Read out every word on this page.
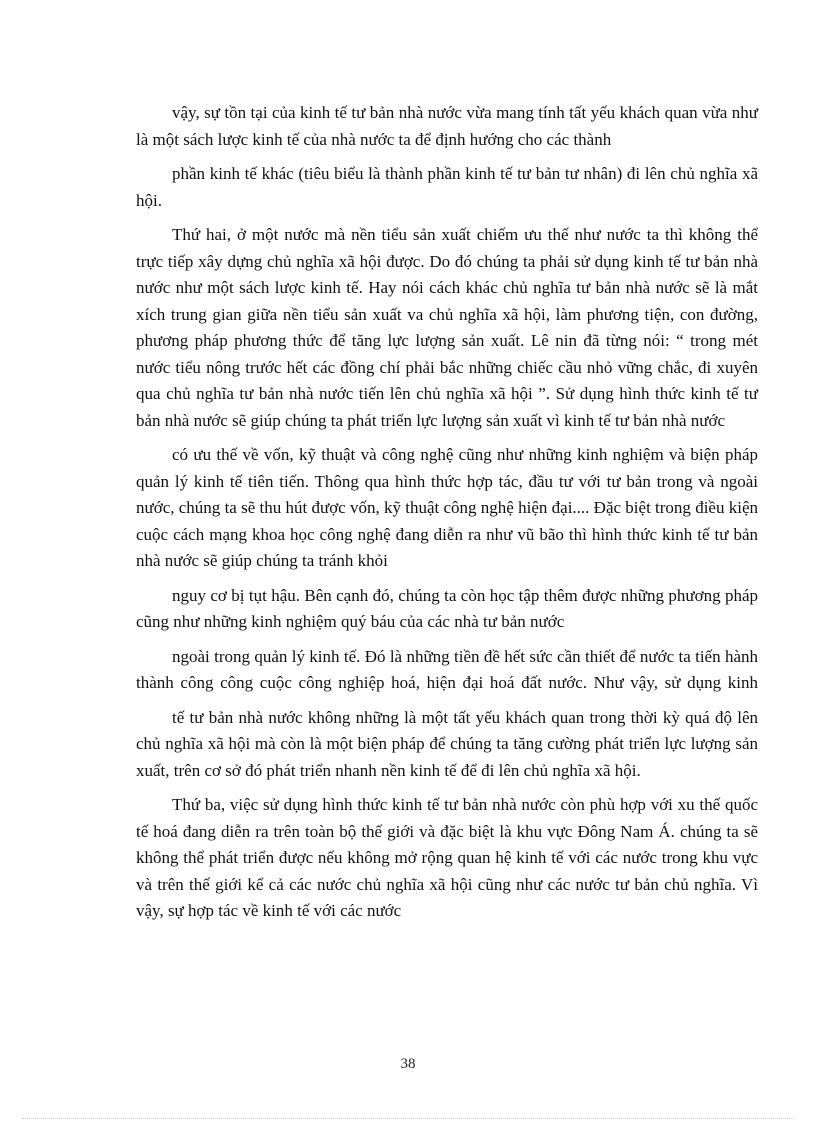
vậy, sự tồn tại của kinh tế tư bản nhà nước vừa mang tính tất yếu khách quan vừa như là một sách lược kinh tế của nhà nước ta để định hướng cho các thành

phần kinh tế khác (tiêu biểu là thành phần kinh tế tư bản tư nhân) đi lên chủ nghĩa xã hội.

Thứ hai, ở một nước mà nền tiểu sản xuất chiếm ưu thế như nước ta thì không thể trực tiếp xây dựng chủ nghĩa xã hội được. Do đó chúng ta phải sử dụng kinh tế tư bản nhà nước như một sách lược kinh tế. Hay nói cách khác chủ nghĩa tư bản nhà nước sẽ là mắt xích trung gian giữa nền tiểu sản xuất va chủ nghĩa xã hội, làm phương tiện, con đường, phương pháp phương thức để tăng lực lượng sản xuất. Lê nin đã từng nói: “ trong mét nước tiểu nông trước hết các đồng chí phải bắc những chiếc cầu nhỏ vững chắc, đi xuyên qua chủ nghĩa tư bản nhà nước tiến lên chủ nghĩa xã hội ”. Sử dụng hình thức kinh tế tư bản nhà nước sẽ giúp chúng ta phát triển lực lượng sản xuất vì kinh tế tư bản nhà nước

có ưu thế về vốn, kỹ thuật và công nghệ cũng như những kinh nghiệm và biện pháp quản lý kinh tế tiên tiến. Thông qua hình thức hợp tác, đầu tư với tư bản trong và ngoài nước, chúng ta sẽ thu hút được vốn, kỹ thuật công nghệ hiện đại.... Đặc biệt trong điều kiện cuộc cách mạng khoa học công nghệ đang diễn ra như vũ bão thì hình thức kinh tế tư bản nhà nước sẽ giúp chúng ta tránh khỏi

nguy cơ bị tụt hậu. Bên cạnh đó, chúng ta còn học tập thêm được những phương pháp cũng như những kinh nghiệm quý báu của các nhà tư bản nước

ngoài trong quản lý kinh tế. Đó là những tiền đề hết sức cần thiết để nước ta tiến hành thành công công cuộc công nghiệp hoá, hiện đại hoá đất nước. Như vậy, sử dụng kinh

tế tư bản nhà nước không những là một tất yếu khách quan trong thời kỳ quá độ lên chủ nghĩa xã hội mà còn là một biện pháp để chúng ta tăng cường phát triển lực lượng sản xuất, trên cơ sở đó phát triển nhanh nền kinh tế để đi lên chủ nghĩa xã hội.

Thứ ba, việc sử dụng hình thức kinh tế tư bản nhà nước còn phù hợp với xu thế quốc tế hoá đang diễn ra trên toàn bộ thế giới và đặc biệt là khu vực Đông Nam Á. chúng ta sẽ không thể phát triển được nếu không mở rộng quan hệ kinh tế với các nước trong khu vực và trên thế giới kể cả các nước chủ nghĩa xã hội cũng như các nước tư bản chủ nghĩa. Vì vậy, sự hợp tác về kinh tế với các nước

38
